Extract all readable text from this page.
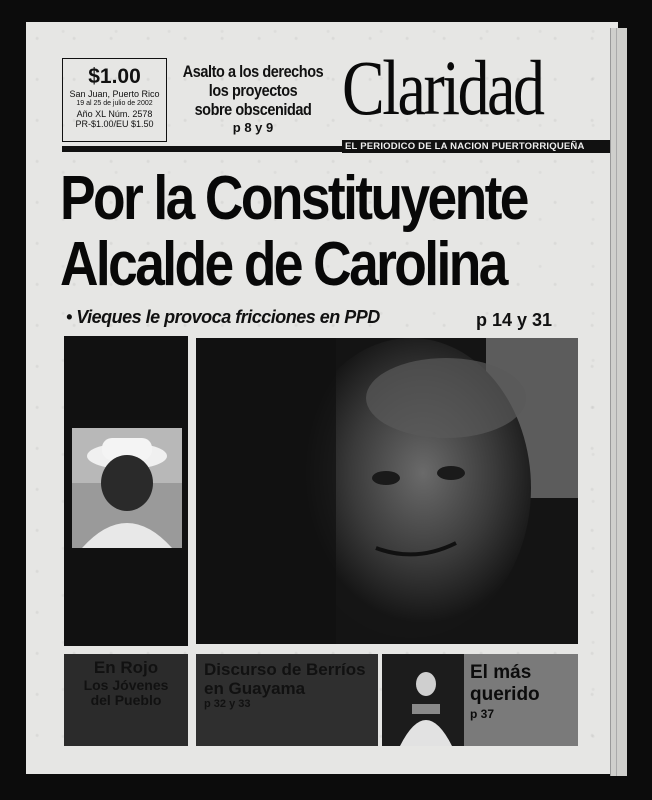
$1.00
San Juan, Puerto Rico
19 al 25 de julio de 2002
Año XL Núm. 2578
PR-$1.00/EU $1.50
Asalto a los derechos
los proyectos
sobre obscenidad
p 8 y 9 Claridad
EL PERIODICO DE LA NACION PUERTORRIQUEÑA
Por la Constituyente
Alcalde de Carolina
• Vieques le provoca fricciones en PPD	p 14 y 31
En Rojo
Los Jóvenes
del Pueblo
Discurso de Berríos
en Guayama
p 32 y 33
El más
querido
p 37
